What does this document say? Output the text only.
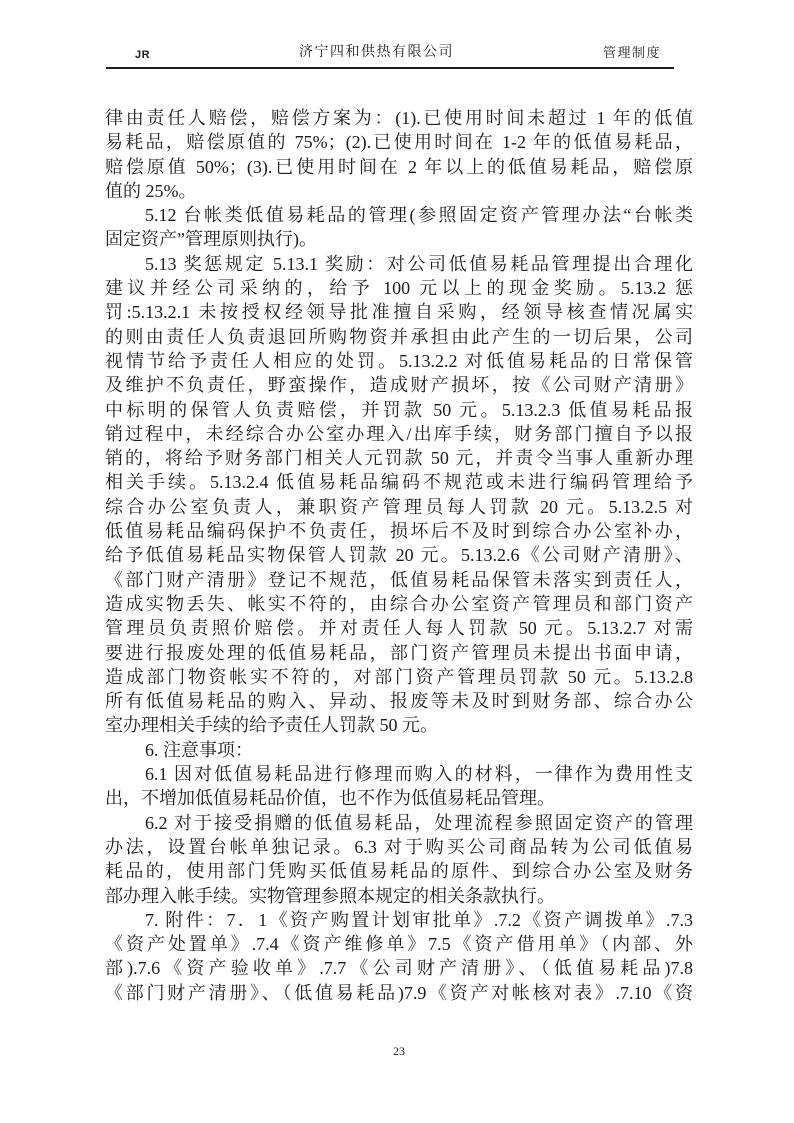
JR	济宁四和供热有限公司	管理制度
律由责任人赔偿，赔偿方案为：(1).已使用时间未超过 1 年的低值
易耗品，赔偿原值的 75%；(2).已使用时间在 1-2 年的低值易耗品，
赔偿原值 50%；(3).已使用时间在 2 年以上的低值易耗品，赔偿原
值的 25%。
5.12 台帐类低值易耗品的管理(参照固定资产管理办法“台帐类
固定资产”管理原则执行)。
5.13 奖惩规定 5.13.1 奖励：对公司低值易耗品管理提出合理化
建议并经公司采纳的，给予 100 元以上的现金奖励。5.13.2 惩
罚:5.13.2.1 未按授权经领导批准擅自采购，经领导核查情况属实
的则由责任人负责退回所购物资并承担由此产生的一切后果，公司
视情节给予责任人相应的处罚。5.13.2.2 对低值易耗品的日常保管
及维护不负责任，野蛮操作，造成财产损坏，按《公司财产清册》
中标明的保管人负责赔偿，并罚款 50 元。5.13.2.3 低值易耗品报
销过程中，未经综合办公室办理入/出库手续，财务部门擅自予以报
销的，将给予财务部门相关人元罚款 50 元，并责令当事人重新办理
相关手续。5.13.2.4 低值易耗品编码不规范或未进行编码管理给予
综合办公室负责人，兼职资产管理员每人罚款 20 元。5.13.2.5 对
低值易耗品编码保护不负责任，损坏后不及时到综合办公室补办，
给予低值易耗品实物保管人罚款 20 元。5.13.2.6《公司财产清册》、
《部门财产清册》登记不规范，低值易耗品保管未落实到责任人，
造成实物丢失、帐实不符的，由综合办公室资产管理员和部门资产
管理员负责照价赔偿。并对责任人每人罚款 50 元。5.13.2.7 对需
要进行报废处理的低值易耗品，部门资产管理员未提出书面申请，
造成部门物资帐实不符的，对部门资产管理员罚款 50 元。5.13.2.8
所有低值易耗品的购入、异动、报废等未及时到财务部、综合办公
室办理相关手续的给予责任人罚款 50 元。
6. 注意事项：
6.1 因对低值易耗品进行修理而购入的材料，一律作为费用性支
出，不增加低值易耗品价值，也不作为低值易耗品管理。
6.2 对于接受捐赠的低值易耗品，处理流程参照固定资产的管理
办法，设置台帐单独记录。6.3 对于购买公司商品转为公司低值易
耗品的，使用部门凭购买低值易耗品的原件、到综合办公室及财务
部办理入帐手续。实物管理参照本规定的相关条款执行。
7. 附件：7．1《资产购置计划审批单》.7.2《资产调拨单》.7.3
《资产处置单》.7.4《资产维修单》7.5《资产借用单》（内部、外
部).7.6《资产验收单》.7.7《公司财产清册》、（低值易耗品)7.8
《部门财产清册》、（低值易耗品)7.9《资产对帐核对表》.7.10《资
23
